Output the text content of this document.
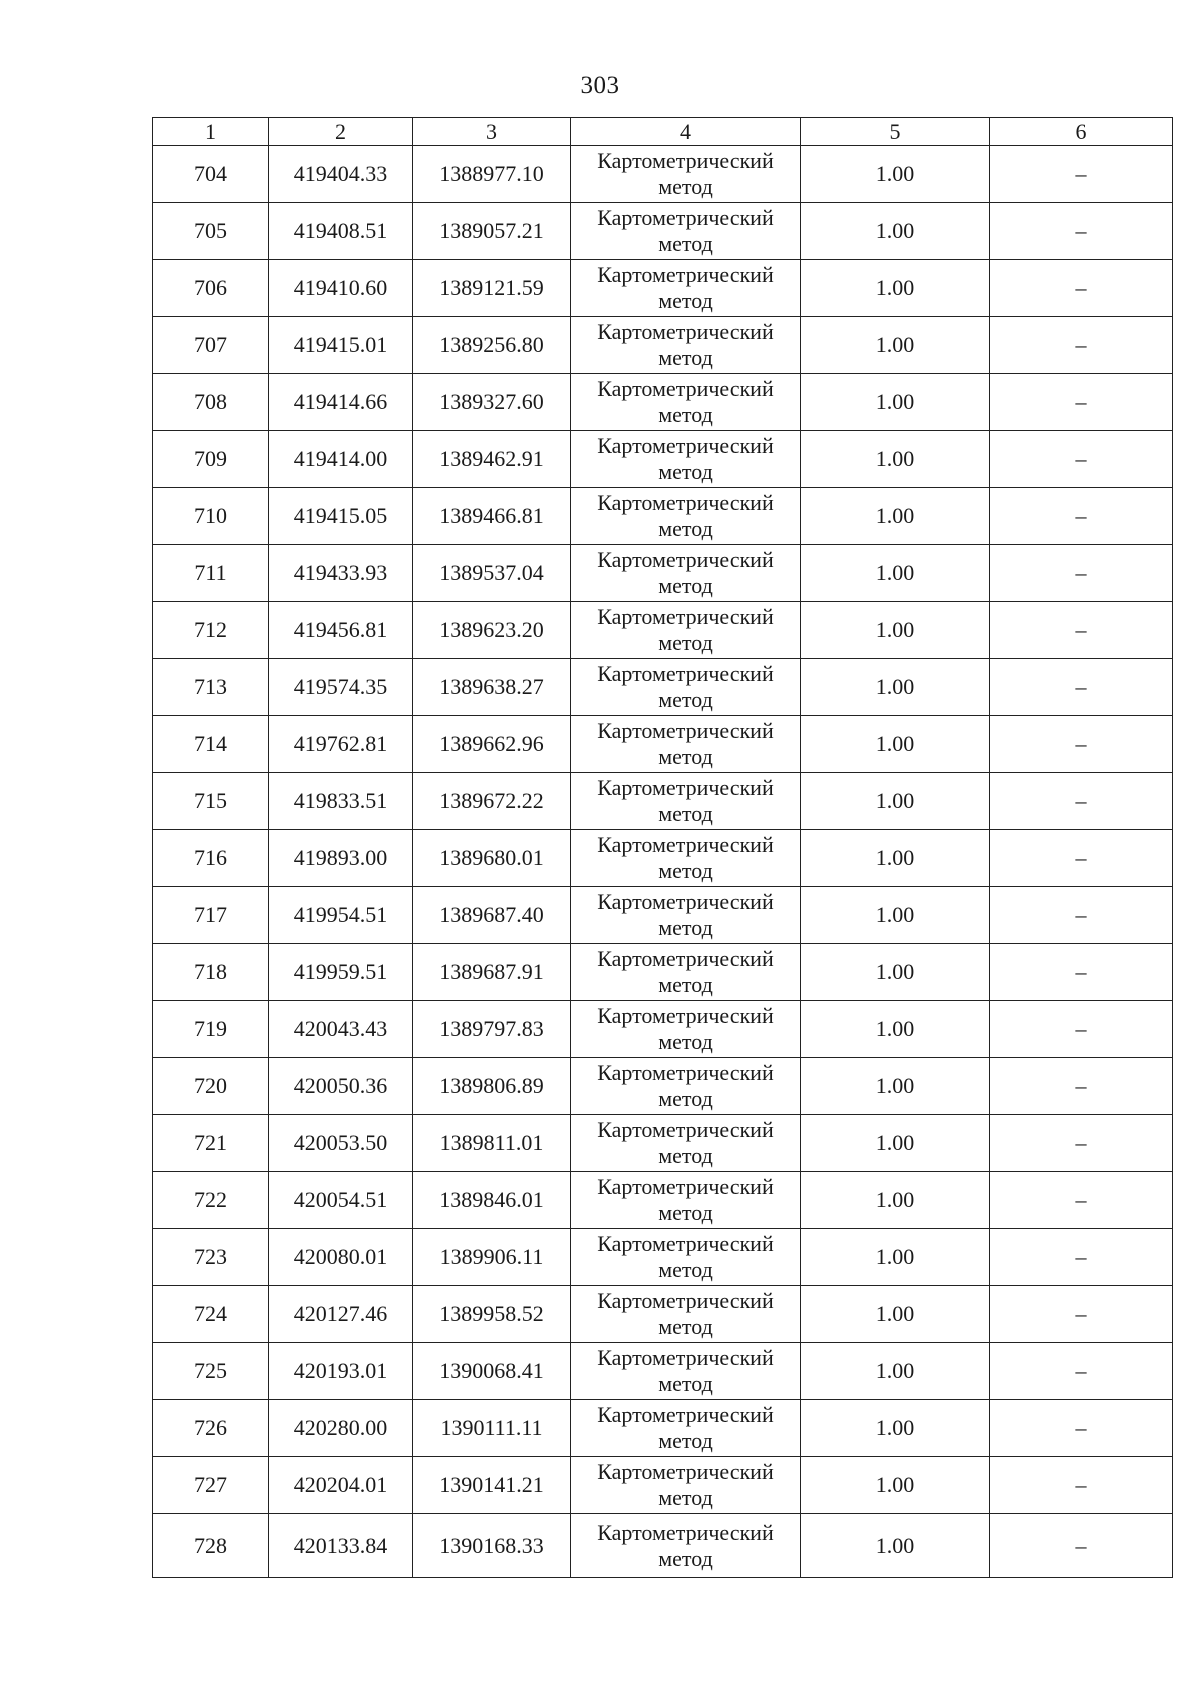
303
1	2	3	4	5	6
704	419404.33	1388977.10	Картометрический метод	1.00	–
705	419408.51	1389057.21	Картометрический метод	1.00	–
706	419410.60	1389121.59	Картометрический метод	1.00	–
707	419415.01	1389256.80	Картометрический метод	1.00	–
708	419414.66	1389327.60	Картометрический метод	1.00	–
709	419414.00	1389462.91	Картометрический метод	1.00	–
710	419415.05	1389466.81	Картометрический метод	1.00	–
711	419433.93	1389537.04	Картометрический метод	1.00	–
712	419456.81	1389623.20	Картометрический метод	1.00	–
713	419574.35	1389638.27	Картометрический метод	1.00	–
714	419762.81	1389662.96	Картометрический метод	1.00	–
715	419833.51	1389672.22	Картометрический метод	1.00	–
716	419893.00	1389680.01	Картометрический метод	1.00	–
717	419954.51	1389687.40	Картометрический метод	1.00	–
718	419959.51	1389687.91	Картометрический метод	1.00	–
719	420043.43	1389797.83	Картометрический метод	1.00	–
720	420050.36	1389806.89	Картометрический метод	1.00	–
721	420053.50	1389811.01	Картометрический метод	1.00	–
722	420054.51	1389846.01	Картометрический метод	1.00	–
723	420080.01	1389906.11	Картометрический метод	1.00	–
724	420127.46	1389958.52	Картометрический метод	1.00	–
725	420193.01	1390068.41	Картометрический метод	1.00	–
726	420280.00	1390111.11	Картометрический метод	1.00	–
727	420204.01	1390141.21	Картометрический метод	1.00	–
728	420133.84	1390168.33	Картометрический метод	1.00	–
